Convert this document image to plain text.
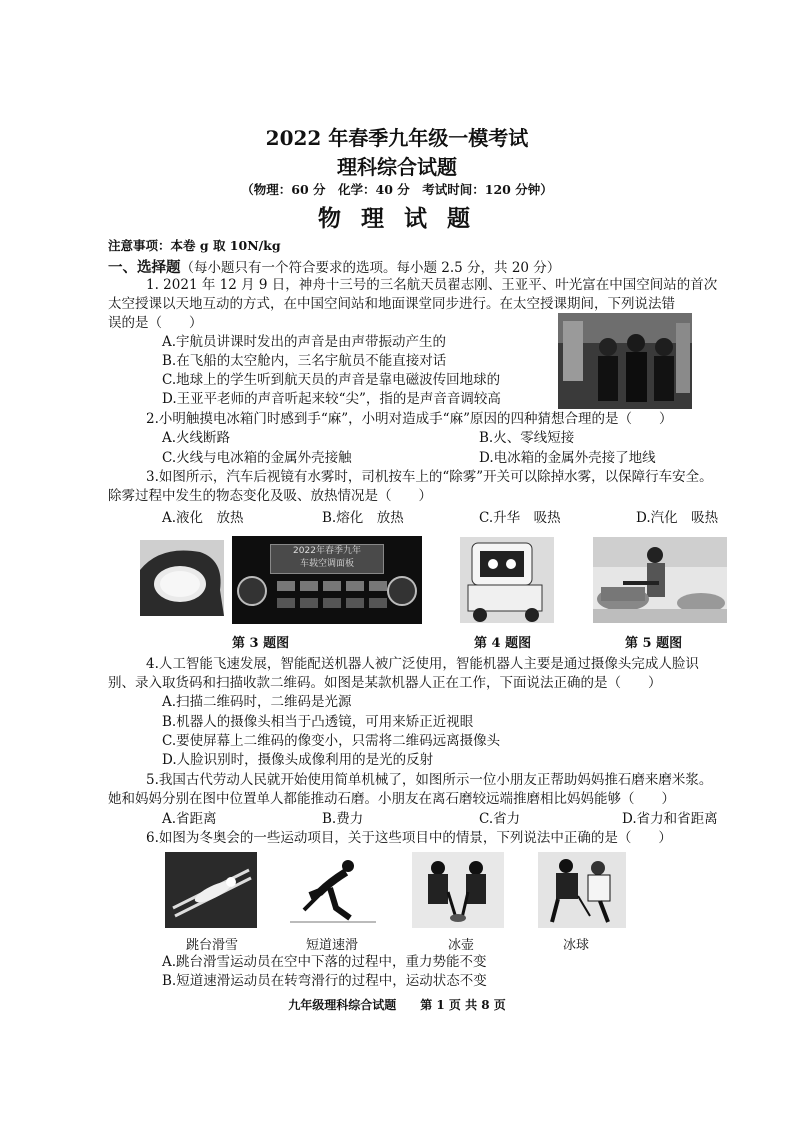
2022 年春季九年级一模考试
理科综合试题
（物理：60 分　化学：40 分　考试时间：120 分钟）
物 理 试 题
注意事项：本卷 g 取 10N/kg
一、选择题（每小题只有一个符合要求的选项。每小题 2.5 分，共 20 分）
1. 2021 年 12 月 9 日，神舟十三号的三名航天员翟志刚、王亚平、叶光富在中国空间站的首次
太空授课以天地互动的方式，在中国空间站和地面课堂同步进行。在太空授课期间，下列说法错
误的是（　　）
A.宇航员讲课时发出的声音是由声带振动产生的
B.在飞船的太空舱内，三名宇航员不能直接对话
C.地球上的学生听到航天员的声音是靠电磁波传回地球的
D.王亚平老师的声音听起来较“尖”，指的是声音音调较高
2.小明触摸电冰箱门时感到手“麻”，小明对造成手“麻”原因的四种猜想合理的是（　　）
A.火线断路	B.火、零线短接
C.火线与电冰箱的金属外壳接触	D.电冰箱的金属外壳接了地线
3.如图所示，汽车后视镜有水雾时，司机按车上的“除雾”开关可以除掉水雾，以保障行车安全。
除雾过程中发生的物态变化及吸、放热情况是（　　）
A.液化　放热	B.熔化　放热	C.升华　吸热	D.汽化　吸热
2022年春季九年
车载空调面板
第 3 题图	第 4 题图	第 5 题图
4.人工智能飞速发展，智能配送机器人被广泛使用，智能机器人主要是通过摄像头完成人脸识
别、录入取货码和扫描收款二维码。如图是某款机器人正在工作，下面说法正确的是（　　）
A.扫描二维码时，二维码是光源
B.机器人的摄像头相当于凸透镜，可用来矫正近视眼
C.要使屏幕上二维码的像变小，只需将二维码远离摄像头
D.人脸识别时，摄像头成像利用的是光的反射
5.我国古代劳动人民就开始使用简单机械了，如图所示一位小朋友正帮助妈妈推石磨来磨米浆。
她和妈妈分别在图中位置单人都能推动石磨。小朋友在离石磨较远端推磨相比妈妈能够（　　）
A.省距离	B.费力	C.省力	D.省力和省距离
6.如图为冬奥会的一些运动项目，关于这些项目中的情景，下列说法中正确的是（　　）
跳台滑雪	短道速滑	冰壶	冰球
A.跳台滑雪运动员在空中下落的过程中，重力势能不变
B.短道速滑运动员在转弯滑行的过程中，运动状态不变
九年级理科综合试题　　第 1 页 共 8 页
